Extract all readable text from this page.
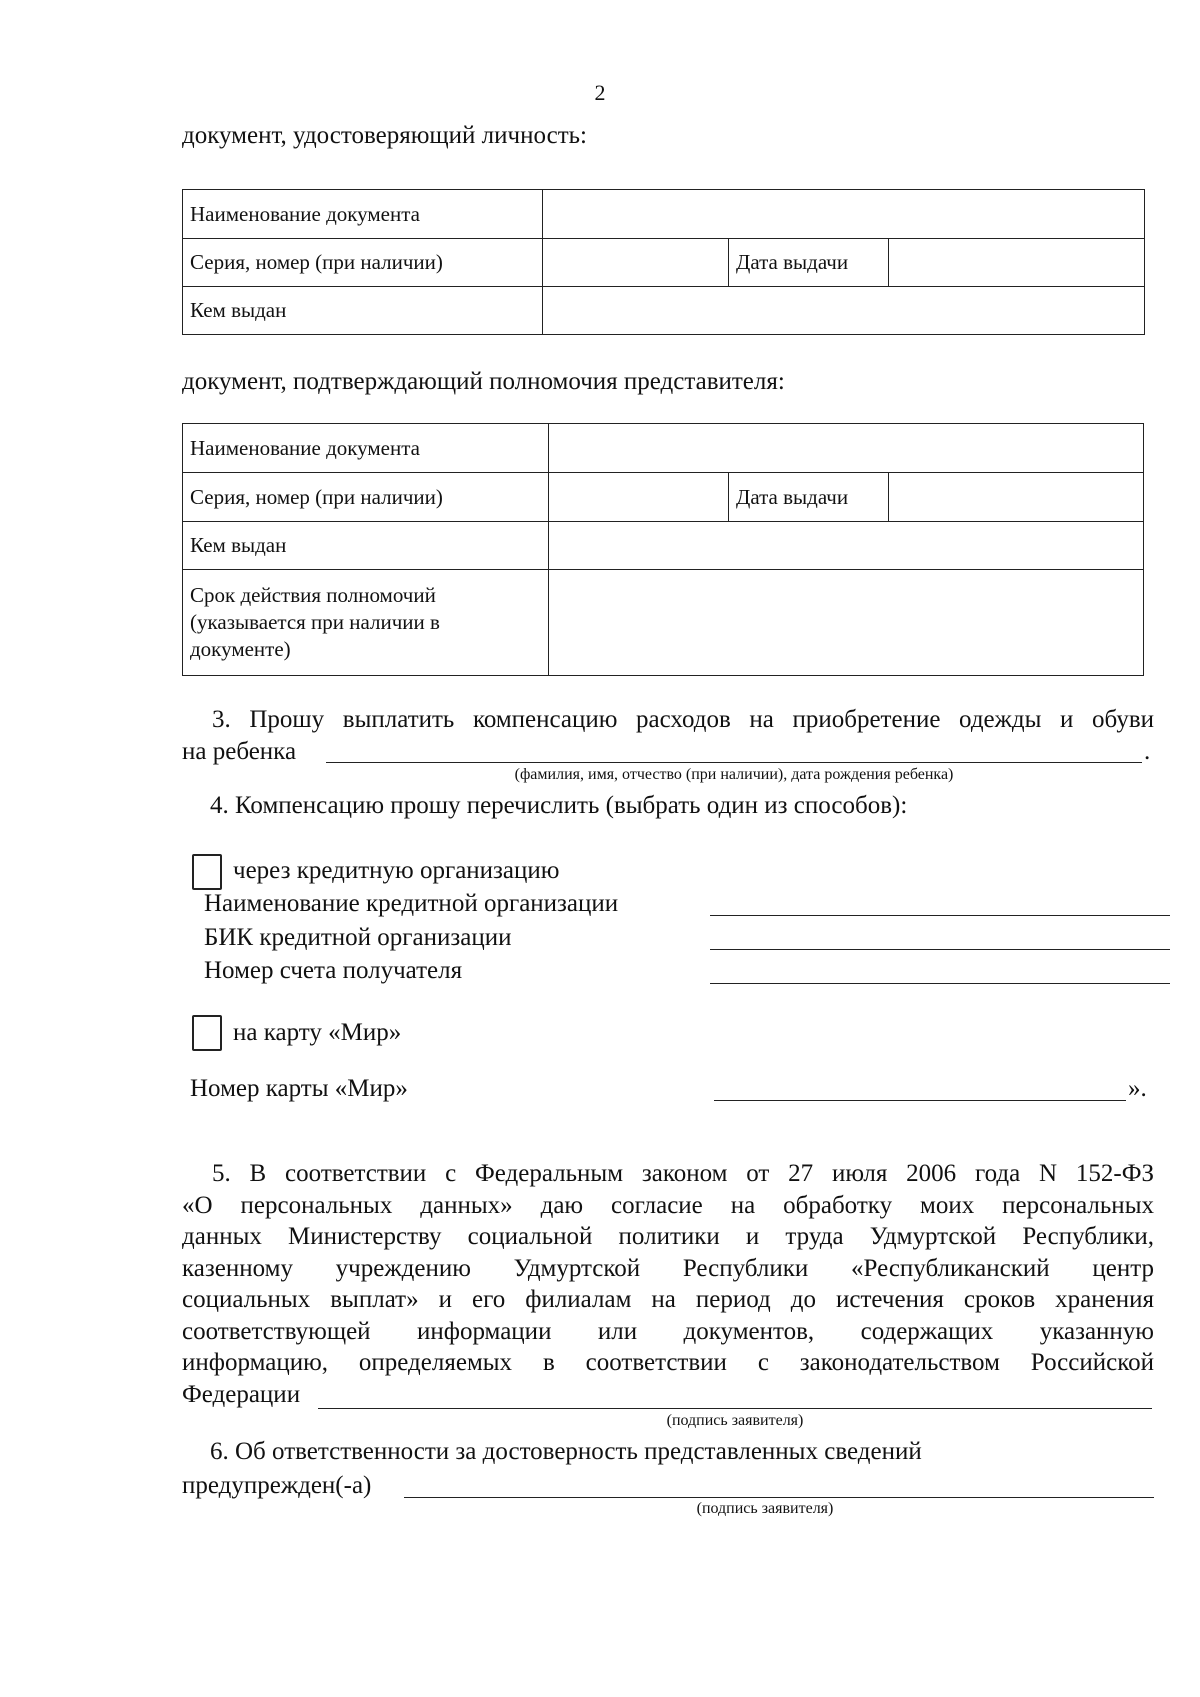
2
документ, удостоверяющий личность:
Наименование документа			
Серия, номер (при наличии)		Дата выдачи	
Кем выдан			
документ, подтверждающий полномочия представителя:
Наименование документа			
Серия, номер (при наличии)		Дата выдачи	
Кем выдан			
Срок действия полномочий (указывается при наличии в документе)			
3. Прошу выплатить компенсацию расходов на приобретение одежды и обуви
на ребенка	.
(фамилия, имя, отчество (при наличии), дата рождения ребенка)
4. Компенсацию прошу перечислить (выбрать один из способов):
через кредитную организацию
Наименование кредитной организации
БИК кредитной организации
Номер счета получателя
на карту «Мир»
Номер карты «Мир»	».
5. В соответствии с Федеральным законом от 27 июля 2006 года N 152-ФЗ
«О персональных данных» даю согласие на обработку моих персональных
данных Министерству социальной политики и труда Удмуртской Республики,
казенному учреждению Удмуртской Республики «Республиканский центр
социальных выплат» и его филиалам на период до истечения сроков хранения
соответствующей информации или документов, содержащих указанную
информацию, определяемых в соответствии с законодательством Российской
Федерации
(подпись заявителя)
6. Об ответственности за достоверность представленных сведений
предупрежден(-а)
(подпись заявителя)
